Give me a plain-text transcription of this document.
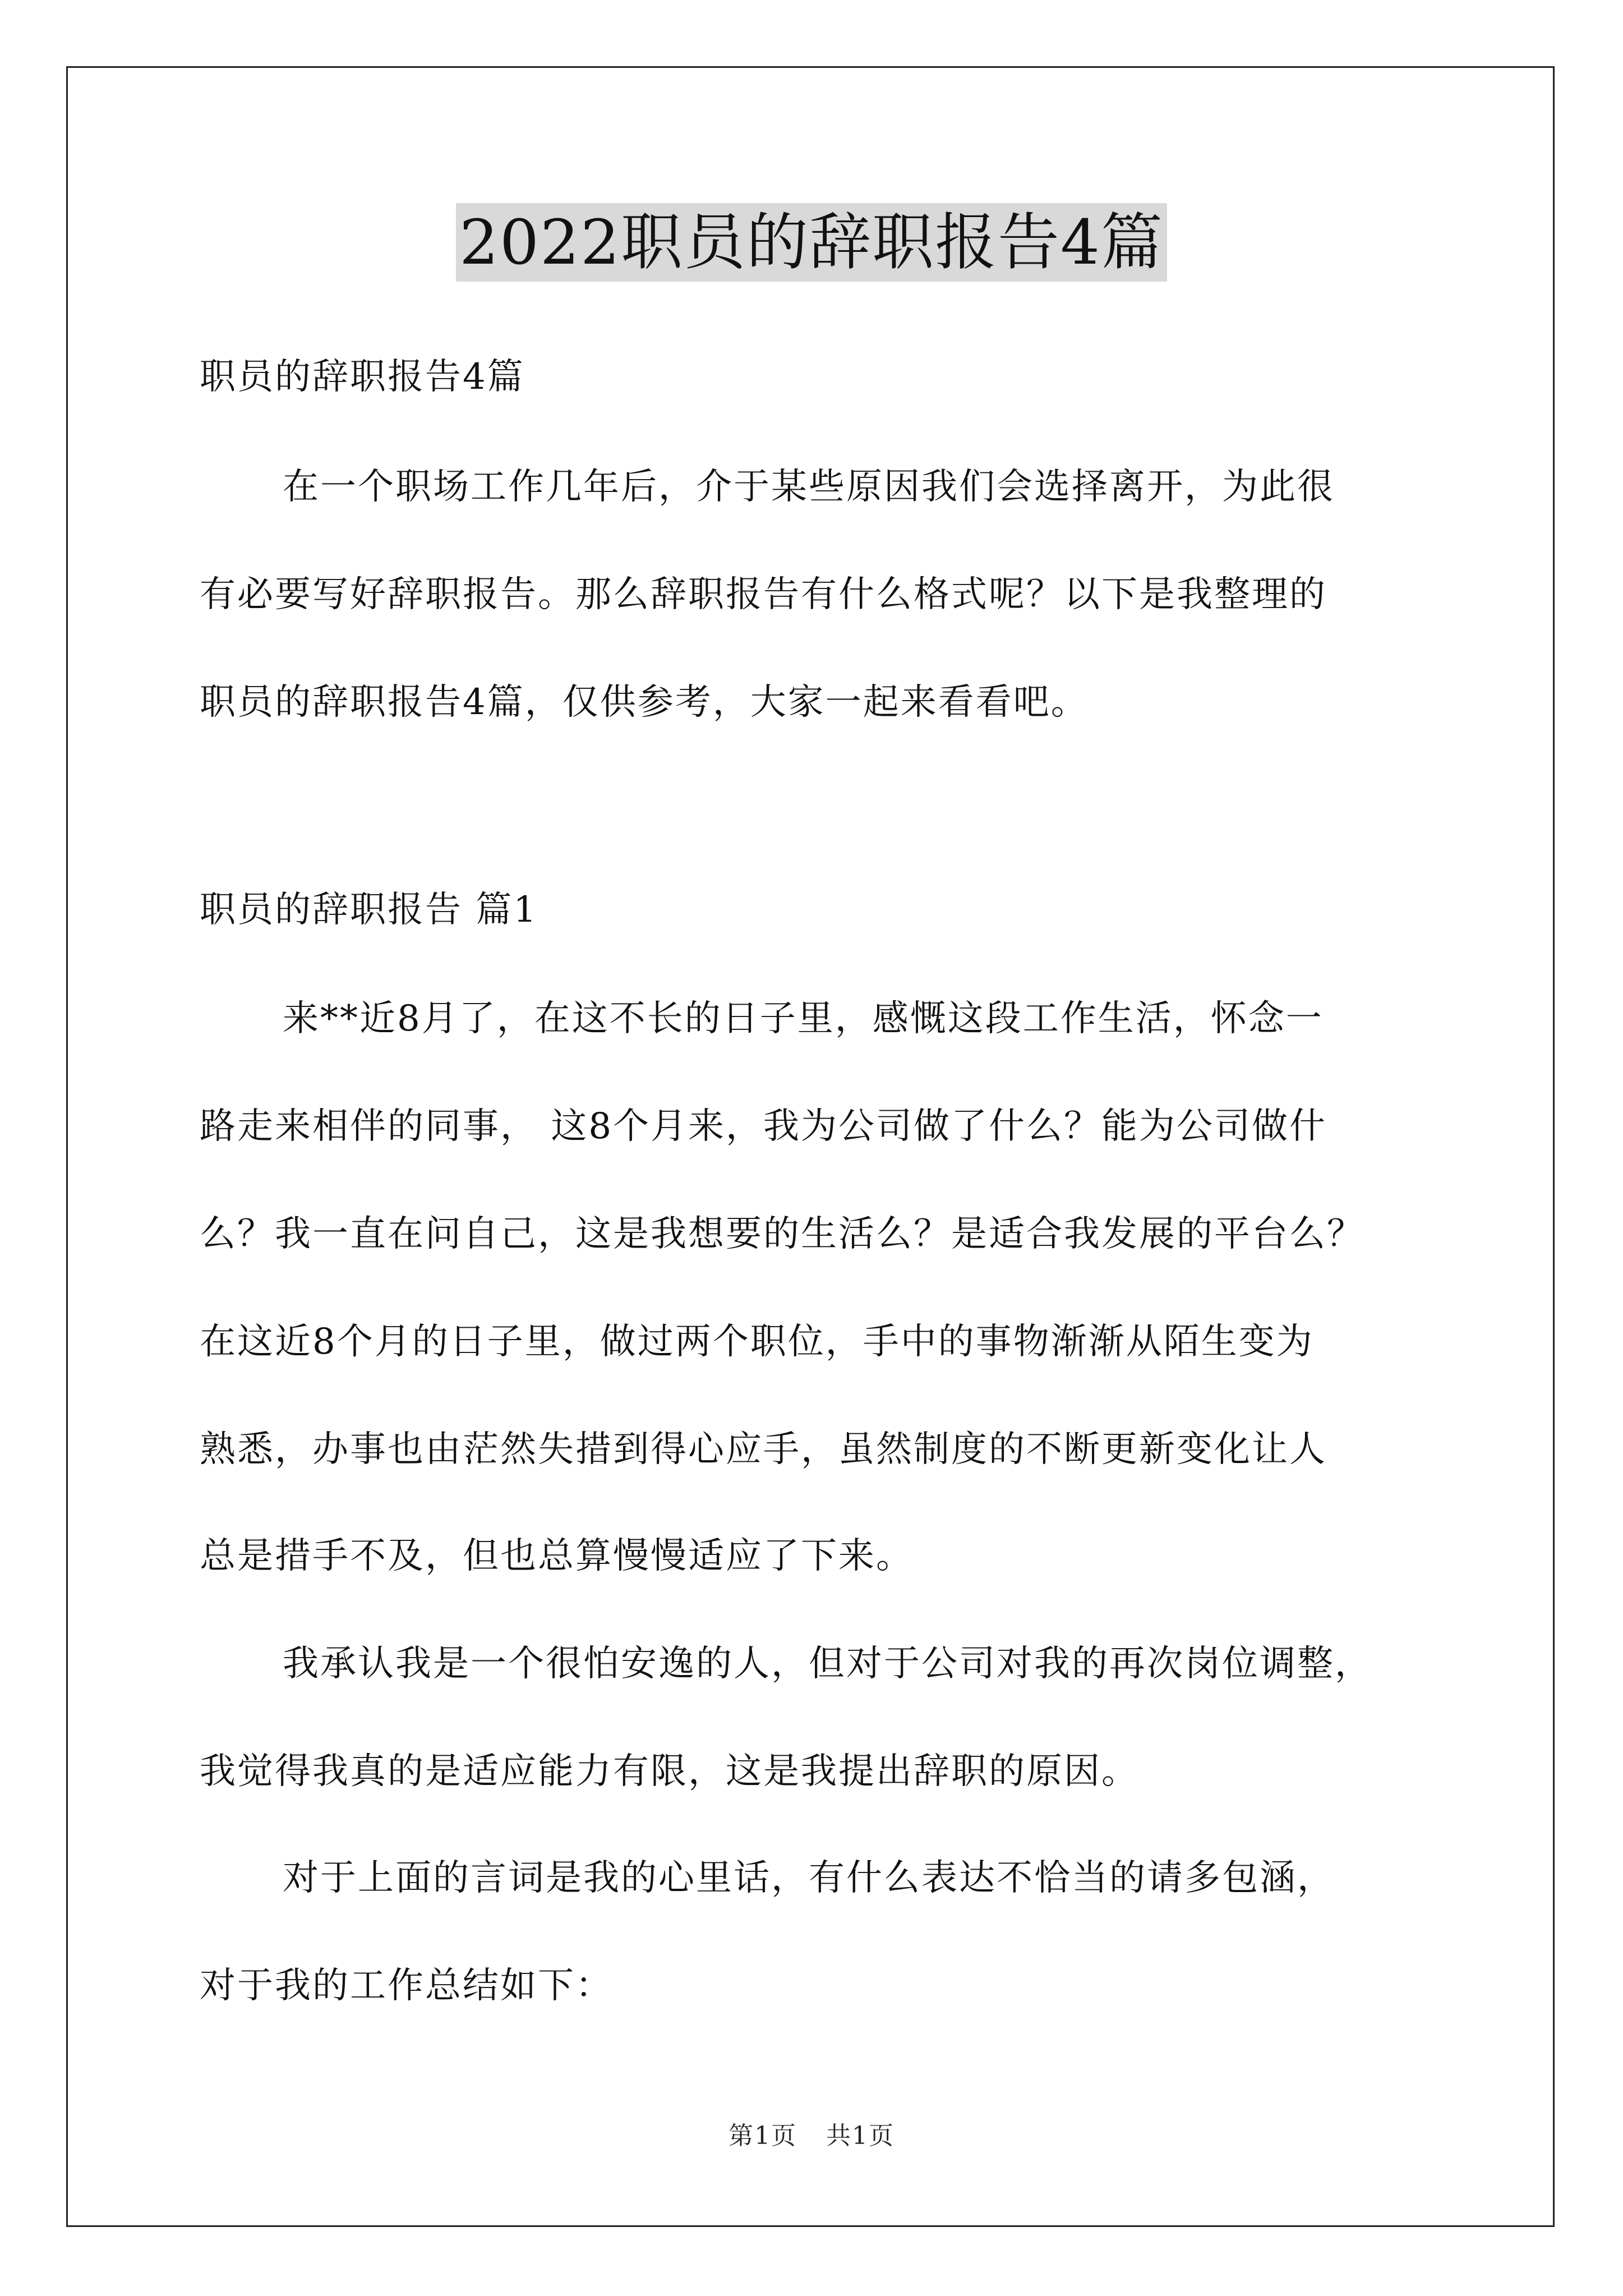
2022职员的辞职报告4篇
职员的辞职报告4篇
在一个职场工作几年后，介于某些原因我们会选择离开，为此很
有必要写好辞职报告。那么辞职报告有什么格式呢？以下是我整理的
职员的辞职报告4篇，仅供参考，大家一起来看看吧。
职员的辞职报告 篇1
来**近8月了，在这不长的日子里，感慨这段工作生活，怀念一
路走来相伴的同事， 这8个月来，我为公司做了什么？能为公司做什
么？我一直在问自己，这是我想要的生活么？是适合我发展的平台么？
在这近8个月的日子里，做过两个职位，手中的事物渐渐从陌生变为
熟悉，办事也由茫然失措到得心应手，虽然制度的不断更新变化让人
总是措手不及，但也总算慢慢适应了下来。
我承认我是一个很怕安逸的人，但对于公司对我的再次岗位调整，
我觉得我真的是适应能力有限，这是我提出辞职的原因。
对于上面的言词是我的心里话，有什么表达不恰当的请多包涵，
对于我的工作总结如下：
第1页 共1页
